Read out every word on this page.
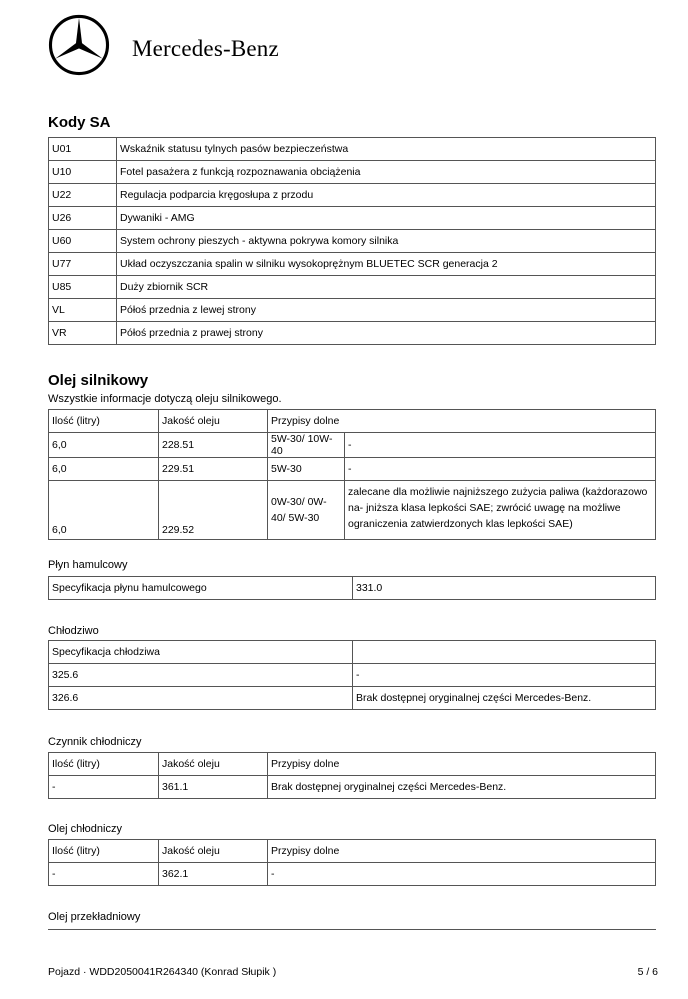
Mercedes-Benz
Kody SA
U01	Wskaźnik statusu tylnych pasów bezpieczeństwa
U10	Fotel pasażera z funkcją rozpoznawania obciążenia
U22	Regulacja podparcia kręgosłupa z przodu
U26	Dywaniki - AMG
U60	System ochrony pieszych - aktywna pokrywa komory silnika
U77	Układ oczyszczania spalin w silniku wysokoprężnym BLUETEC SCR generacja 2
U85	Duży zbiornik SCR
VL	Półoś przednia z lewej strony
VR	Półoś przednia z prawej strony
Olej silnikowy
Wszystkie informacje dotyczą oleju silnikowego.
Ilość (litry)	Jakość oleju	Przypisy dolne	
6,0	228.51	5W-30/ 10W-40	-
6,0	229.51	5W-30	-
6,0	229.52	0W-30/ 0W-40/ 5W-30	zalecane dla możliwie najniższego zużycia paliwa (każdorazowo na- jniższa klasa lepkości SAE; zwrócić uwagę na możliwe ograniczenia zatwierdzonych klas lepkości SAE)
Płyn hamulcowy
Specyfikacja płynu hamulcowego	331.0
Chłodziwo
Specyfikacja chłodziwa	
325.6	-
326.6	Brak dostępnej oryginalnej części Mercedes-Benz.
Czynnik chłodniczy
Ilość (litry)	Jakość oleju	Przypisy dolne
-	361.1	Brak dostępnej oryginalnej części Mercedes-Benz.
Olej chłodniczy
Ilość (litry)	Jakość oleju	Przypisy dolne
-	362.1	-
Olej przekładniowy
Pojazd · WDD2050041R264340 (Konrad Słupik )	5 / 6
